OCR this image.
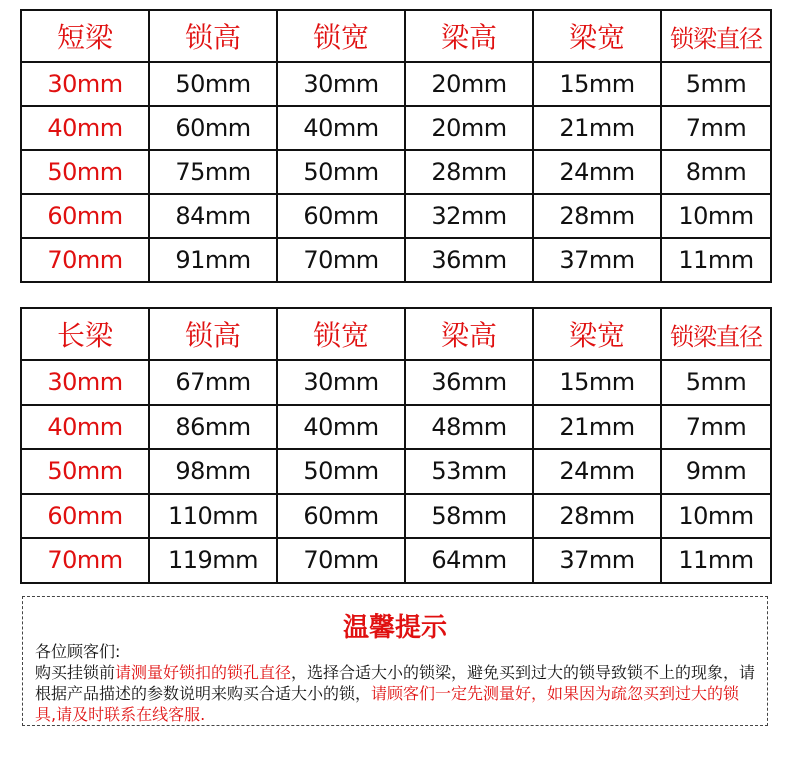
短梁	锁高	锁宽	梁高	梁宽	锁梁直径
30mm	50mm	30mm	20mm	15mm	5mm
40mm	60mm	40mm	20mm	21mm	7mm
50mm	75mm	50mm	28mm	24mm	8mm
60mm	84mm	60mm	32mm	28mm	10mm
70mm	91mm	70mm	36mm	37mm	11mm
长梁	锁高	锁宽	梁高	梁宽	锁梁直径
30mm	67mm	30mm	36mm	15mm	5mm
40mm	86mm	40mm	48mm	21mm	7mm
50mm	98mm	50mm	53mm	24mm	9mm
60mm	110mm	60mm	58mm	28mm	10mm
70mm	119mm	70mm	64mm	37mm	11mm
温馨提示
各位顾客们:
购买挂锁前请测量好锁扣的锁孔直径，选择合适大小的锁梁，避免买到过大的锁导致锁不上的现象，请根据产品描述的参数说明来购买合适大小的锁，请顾客们一定先测量好，如果因为疏忽买到过大的锁具,请及时联系在线客服.
